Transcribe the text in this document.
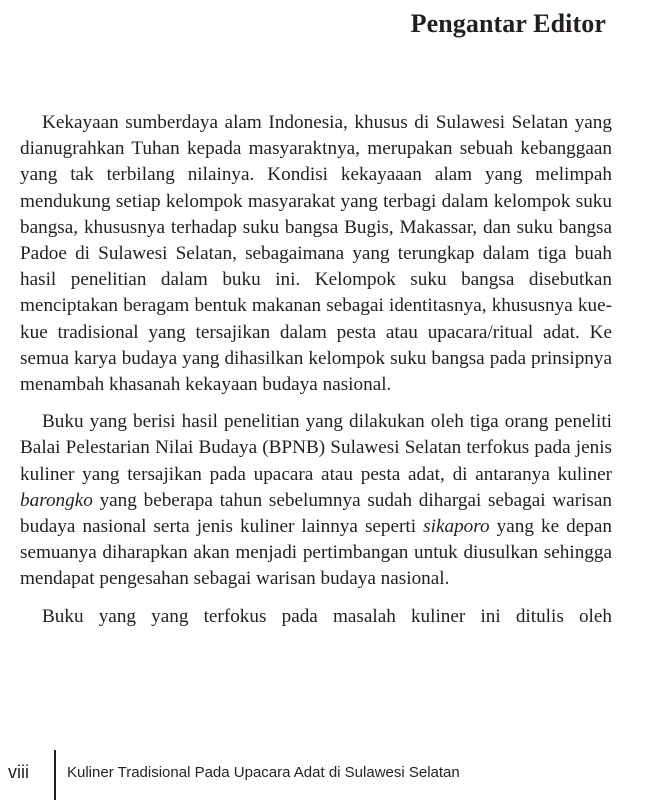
Pengantar Editor

Kekayaan sumberdaya alam Indonesia, khusus di Sulawesi Selatan yang dianugrahkan Tuhan kepada masyaraktnya, merupakan sebuah kebanggaan yang tak terbilang nilainya. Kondisi kekayaaan alam yang melimpah mendukung setiap kelompok masyarakat yang terbagi dalam kelompok suku bangsa, khususnya terhadap suku bangsa Bugis, Makassar, dan suku bangsa Padoe di Sulawesi Selatan, sebagaimana yang terungkap dalam tiga buah hasil penelitian dalam buku ini. Kelompok suku bangsa disebutkan menciptakan beragam bentuk makanan sebagai identitasnya, khususnya kue-kue tradisional yang tersajikan dalam pesta atau upacara/ritual adat. Ke semua karya budaya yang dihasilkan kelompok suku bangsa pada prinsipnya menambah khasanah kekayaan budaya nasional.

Buku yang berisi hasil penelitian yang dilakukan oleh tiga orang peneliti Balai Pelestarian Nilai Budaya (BPNB) Sulawesi Selatan terfokus pada jenis kuliner yang tersajikan pada upacara atau pesta adat, di antaranya kuliner barongko yang beberapa tahun sebelumnya sudah dihargai sebagai warisan budaya nasional serta jenis kuliner lainnya seperti sikaporo yang ke depan semuanya diharapkan akan menjadi pertimbangan untuk diusulkan sehingga mendapat pengesahan sebagai warisan budaya nasional.

Buku yang yang terfokus pada masalah kuliner ini ditulis oleh

viii	Kuliner Tradisional Pada Upacara Adat di Sulawesi Selatan
